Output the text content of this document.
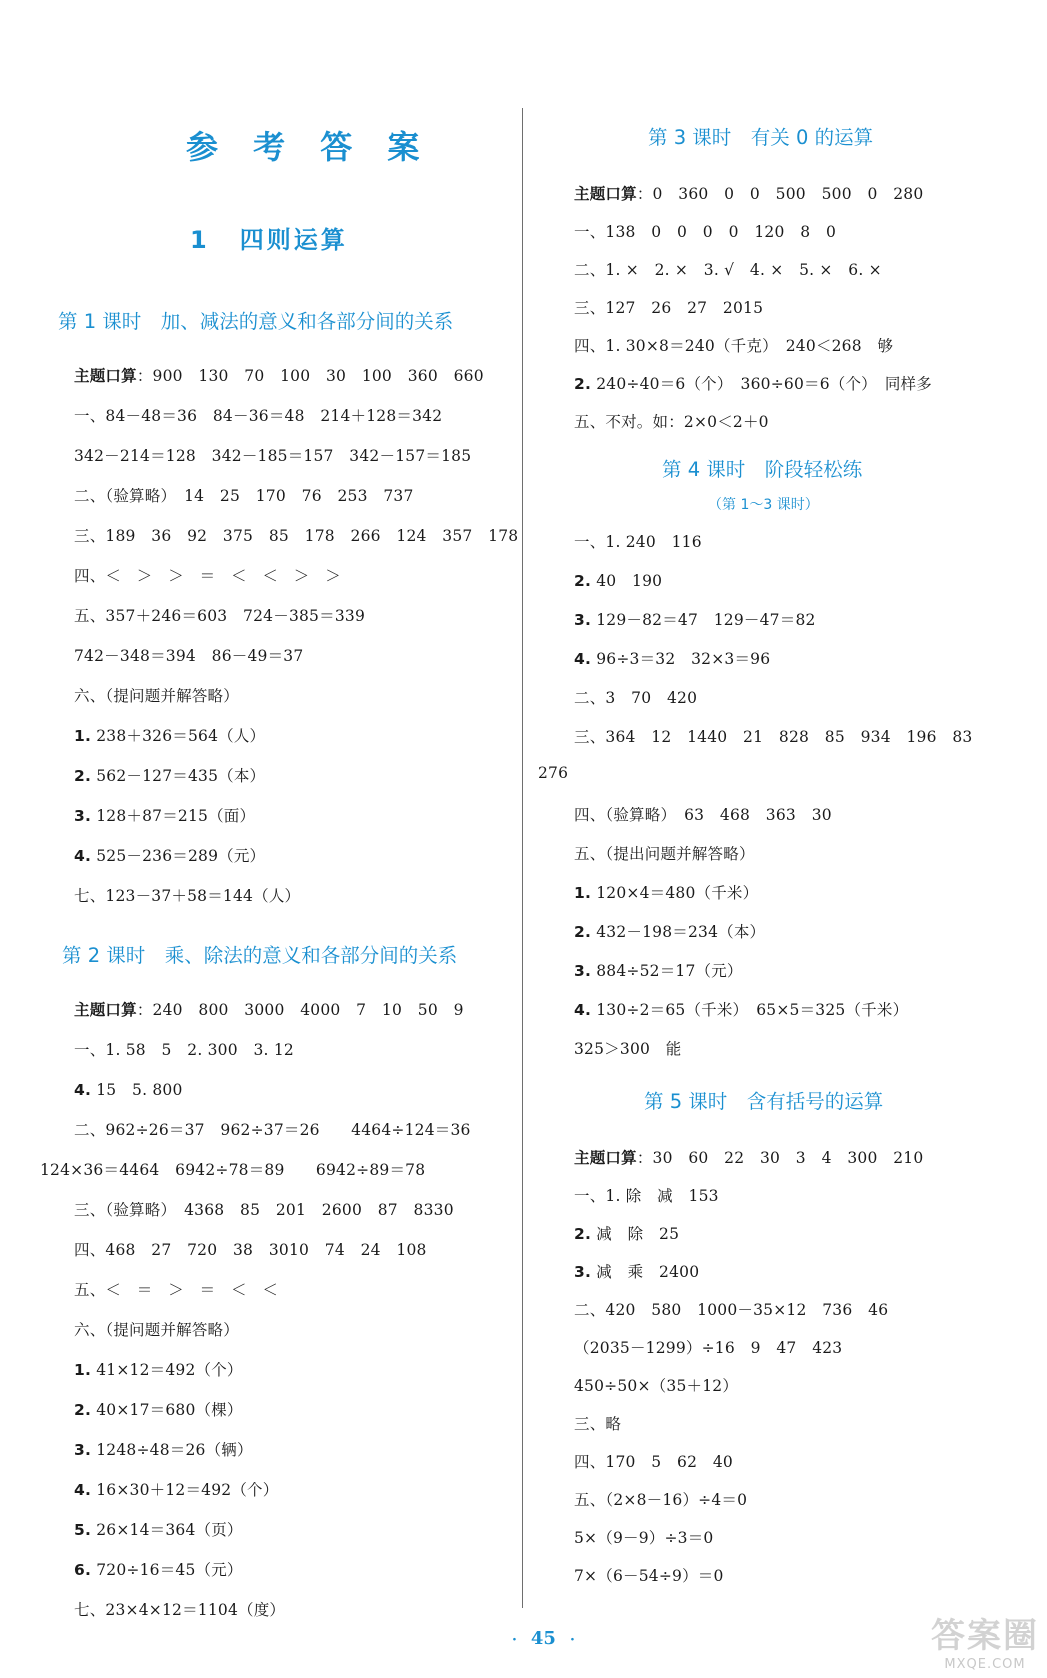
参 考 答 案
1 四则运算
第 1 课时　加、减法的意义和各部分间的关系
主题口算：900　130　70　100　30　100　360　660
一、84－48＝36　84－36＝48　214＋128＝342
342－214＝128　342－185＝157　342－157＝185
二、（验算略）　14　25　170　76　253　737
三、189　36　92　375　85　178　266　124　357　178
四、＜　＞　＞　＝　＜　＜　＞　＞
五、357＋246＝603　724－385＝339
742－348＝394　86－49＝37
六、（提问题并解答略）
1. 238＋326＝564（人）
2. 562－127＝435（本）
3. 128＋87＝215（面）
4. 525－236＝289（元）
七、123－37＋58＝144（人）
第 2 课时　乘、除法的意义和各部分间的关系
主题口算：240　800　3000　4000　7　10　50　9
一、1. 58　5　2. 300　3. 12
4. 15　5. 800
二、962÷26＝37　962÷37＝26　　4464÷124＝36
124×36＝4464　6942÷78＝89　　6942÷89＝78
三、（验算略）　4368　85　201　2600　87　8330
四、468　27　720　38　3010　74　24　108
五、＜　＝　＞　＝　＜　＜
六、（提问题并解答略）
1. 41×12＝492（个）
2. 40×17＝680（棵）
3. 1248÷48＝26（辆）
4. 16×30＋12＝492（个）
5. 26×14＝364（页）
6. 720÷16＝45（元）
七、23×4×12＝1104（度）
第 3 课时　有关 0 的运算
主题口算：0　360　0　0　500　500　0　280
一、138　0　0　0　0　120　8　0
二、1. ×　2. ×　3. √　4. ×　5. ×　6. ×
三、127　26　27　2015
四、1. 30×8＝240（千克）　240＜268　够
2. 240÷40＝6（个）　360÷60＝6（个）　同样多
五、不对。如：2×0＜2＋0
第 4 课时　阶段轻松练
（第 1～3 课时）
一、1. 240　116
2. 40　190
3. 129－82＝47　129－47＝82
4. 96÷3＝32　32×3＝96
二、3　70　420
三、364　12　1440　21　828　85　934　196　83
276
四、（验算略）　63　468　363　30
五、（提出问题并解答略）
1. 120×4＝480（千米）
2. 432－198＝234（本）
3. 884÷52＝17（元）
4. 130÷2＝65（千米）　65×5＝325（千米）
325＞300　能
第 5 课时　含有括号的运算
主题口算：30　60　22　30　3　4　300　210
一、1. 除　减　153
2. 减　除　25
3. 减　乘　2400
二、420　580　1000－35×12　736　46
（2035－1299）÷16　9　47　423
450÷50×（35＋12）
三、略
四、170　5　62　40
五、（2×8－16）÷4＝0
5×（9－9）÷3＝0
7×（6－54÷9）＝0
· 45 ·	答案圈
MXQE.COM
